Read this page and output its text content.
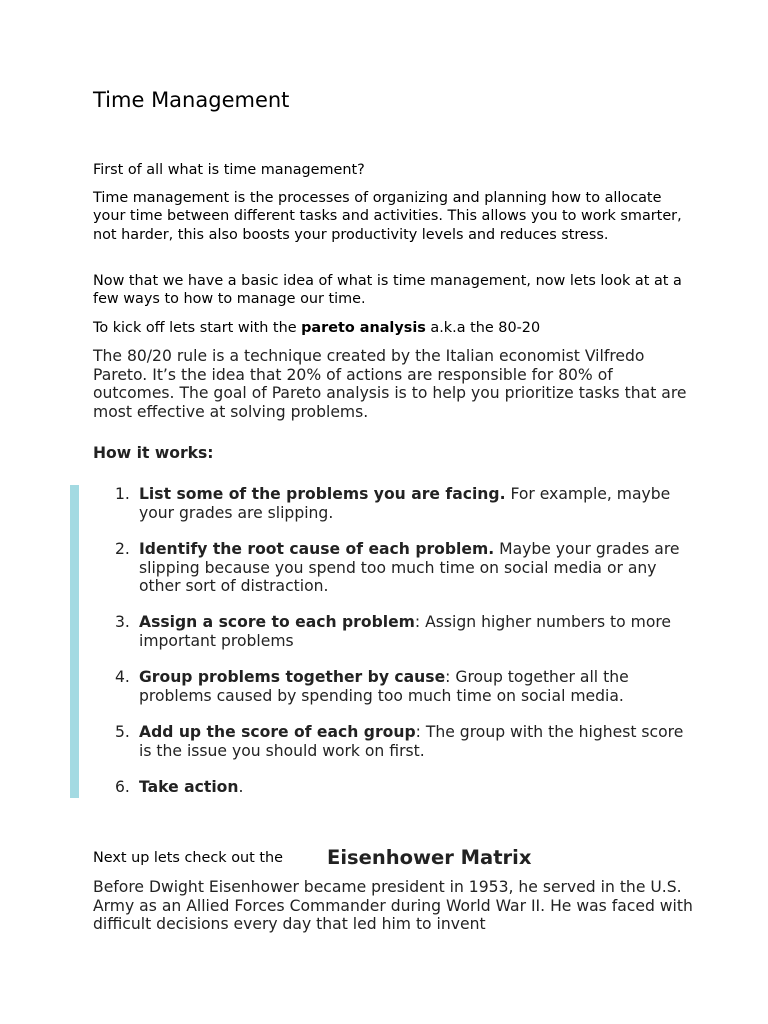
Time Management

First of all what is time management?

Time management is the processes of organizing and planning how to allocate your time between different tasks and activities. This allows you to work smarter, not harder, this also boosts your productivity levels and reduces stress.

Now that we have a basic idea of what is time management, now lets look at at a few ways to how to manage our time.

To kick off lets start with the pareto analysis a.k.a the 80-20

The 80/20 rule is a technique created by the Italian economist Vilfredo Pareto. It’s the idea that 20% of actions are responsible for 80% of outcomes. The goal of Pareto analysis is to help you prioritize tasks that are most effective at solving problems.

How it works:

1. List some of the problems you are facing. For example, maybe your grades are slipping.
2. Identify the root cause of each problem. Maybe your grades are slipping because you spend too much time on social media or any other sort of distraction.
3. Assign a score to each problem: Assign higher numbers to more important problems
4. Group problems together by cause: Group together all the problems caused by spending too much time on social media.
5. Add up the score of each group: The group with the highest score is the issue you should work on first.
6. Take action.
Next up lets check out the Eisenhower Matrix

Before Dwight Eisenhower became president in 1953, he served in the U.S. Army as an Allied Forces Commander during World War II. He was faced with difficult decisions every day that led him to invent
